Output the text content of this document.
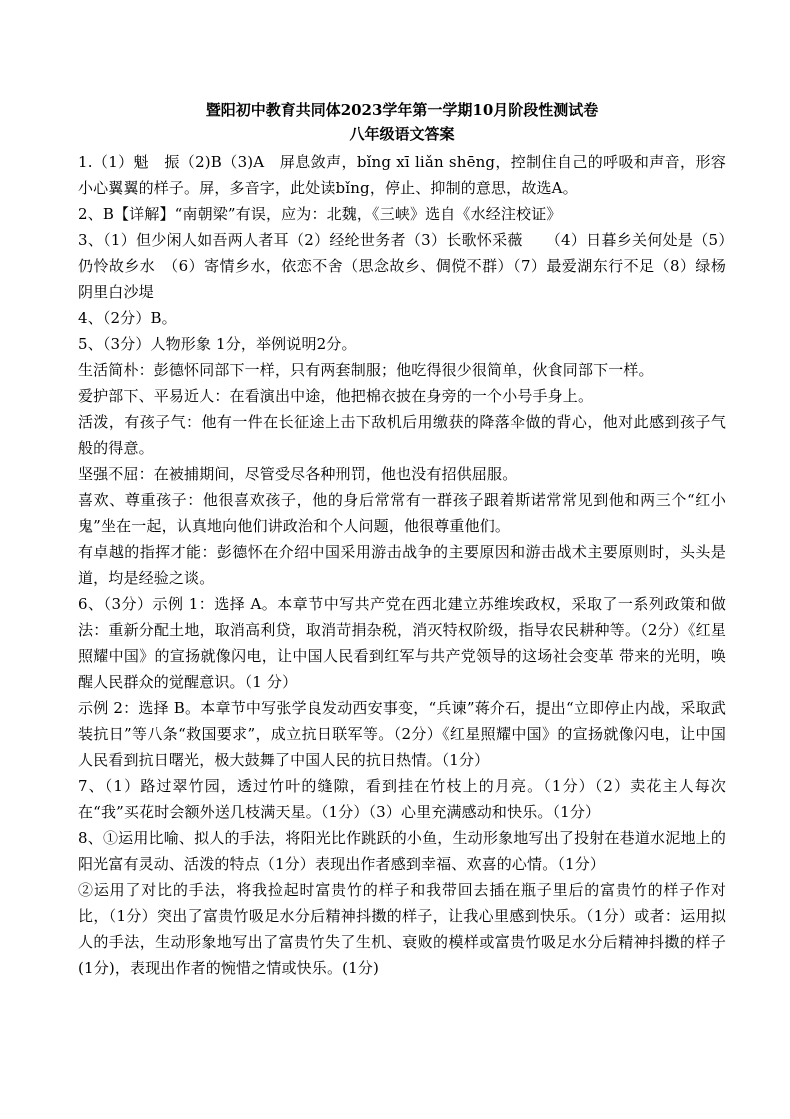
暨阳初中教育共同体2023学年第一学期10月阶段性测试卷
八年级语文答案

1.（1）魁　振（2)B（3)A　屏息敛声，bǐng xī liǎn shēng，控制住自己的呼吸和声音，形容小心翼翼的样子。屏，多音字，此处读bǐng，停止、抑制的意思，故选A。

2、B【详解】“南朝梁”有误，应为：北魏，《三峡》选自《水经注校证》

3、（1）但少闲人如吾两人者耳（2）经纶世务者（3）长歌怀采薇　　（4）日暮乡关何处是（5）仍怜故乡水　（6）寄情乡水，依恋不舍（思念故乡、倜傥不群）（7）最爱湖东行不足（8）绿杨阴里白沙堤

4、（2分）B。

5、（3分）人物形象 1分，举例说明2分。

生活简朴：彭德怀同部下一样，只有两套制服；他吃得很少很简单，伙食同部下一样。

爱护部下、平易近人：在看演出中途，他把棉衣披在身旁的一个小号手身上。

活泼，有孩子气：他有一件在长征途上击下敌机后用缴获的降落伞做的背心，他对此感到孩子气般的得意。

坚强不屈：在被捕期间，尽管受尽各种刑罚，他也没有招供屈服。

喜欢、尊重孩子：他很喜欢孩子，他的身后常常有一群孩子跟着斯诺常常见到他和两三个“红小鬼”坐在一起，认真地向他们讲政治和个人问题，他很尊重他们。

有卓越的指挥才能：彭德怀在介绍中国采用游击战争的主要原因和游击战术主要原则时，头头是道，均是经验之谈。

6、（3分）示例 1：选择 A。本章节中写共产党在西北建立苏维埃政权，采取了一系列政策和做法：重新分配土地，取消高利贷，取消苛捐杂税，消灭特权阶级，指导农民耕种等。（2分）《红星照耀中国》的宣扬就像闪电，让中国人民看到红军与共产党领导的这场社会变革 带来的光明，唤醒人民群众的觉醒意识。（1 分）

示例 2：选择 B。本章节中写张学良发动西安事变，“兵谏”蒋介石，提出“立即停止内战，采取武装抗日”等八条“救国要求”，成立抗日联军等。（2分）《红星照耀中国》的宣扬就像闪电，让中国人民看到抗日曙光，极大鼓舞了中国人民的抗日热情。（1分）

7、（1）路过翠竹园，透过竹叶的缝隙，看到挂在竹枝上的月亮。（1分）（2）卖花主人每次在“我”买花时会额外送几枝满天星。（1分）（3）心里充满感动和快乐。（1分）

8、①运用比喻、拟人的手法，将阳光比作跳跃的小鱼，生动形象地写出了投射在巷道水泥地上的阳光富有灵动、活泼的特点（1分）表现出作者感到幸福、欢喜的心情。（1分）

②运用了对比的手法，将我捡起时富贵竹的样子和我带回去插在瓶子里后的富贵竹的样子作对比，（1分）突出了富贵竹吸足水分后精神抖擞的样子，让我心里感到快乐。（1分）或者：运用拟人的手法，生动形象地写出了富贵竹失了生机、衰败的模样或富贵竹吸足水分后精神抖擞的样子(1分)，表现出作者的惋惜之情或快乐。(1分)
